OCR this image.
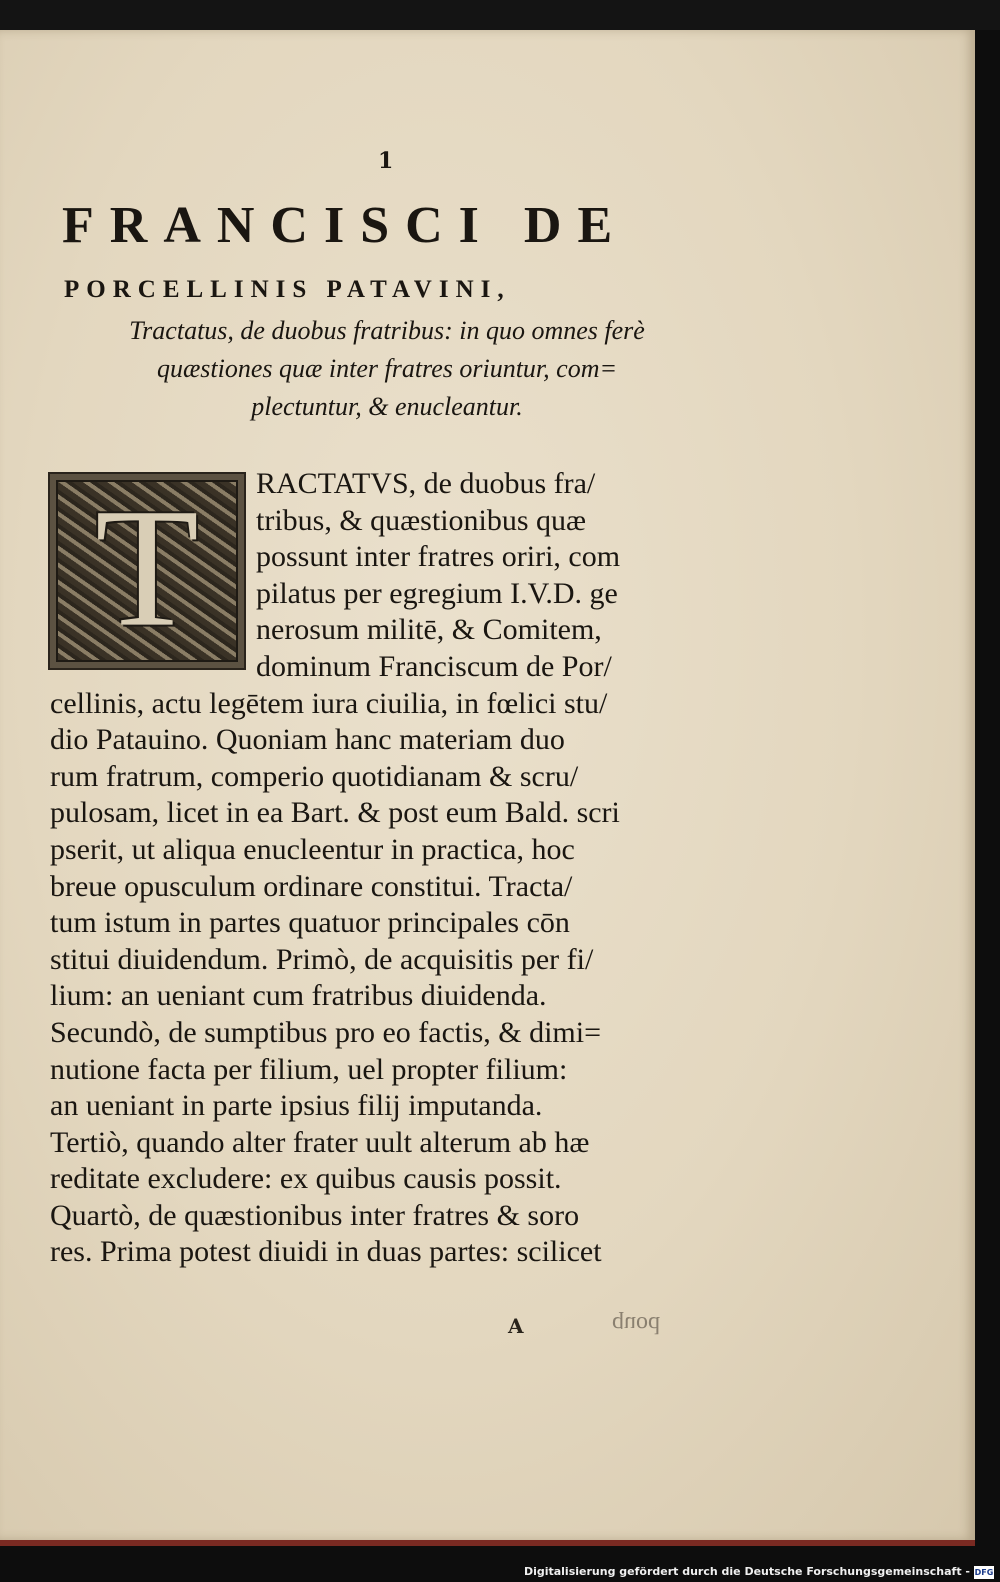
1
FRANCISCI DE
PORCELLINIS PATAVINI,
Tractatus, de duobus fratribus: in quo omnes ferè
quæstiones quæ inter fratres oriuntur, com=
plectuntur, & enucleantur.
T	RACTATVS, de duobus fra/
tribus, & quæstionibus quæ
possunt inter fratres oriri, com
pilatus per egregium I.V.D. ge
nerosum militē, & Comitem,
dominum Franciscum de Por/
cellinis, actu legētem iura ciuilia, in fœlici stu/
dio Patauino. Quoniam hanc materiam duo
rum fratrum, comperio quotidianam & scru/
pulosam, licet in ea Bart. & post eum Bald. scri
pserit, ut aliqua enucleentur in practica, hoc
breue opusculum ordinare constitui. Tracta/
tum istum in partes quatuor principales cōn
stitui diuidendum. Primò, de acquisitis per fi/
lium: an ueniant cum fratribus diuidenda.
Secundò, de sumptibus pro eo factis, & dimi=
nutione facta per filium, uel propter filium:
an ueniant in parte ipsius filij imputanda.
Tertiò, quando alter frater uult alterum ab hæ
reditate excludere: ex quibus causis possit.
Quartò, de quæstionibus inter fratres & soro
res. Prima potest diuidi in duas partes: scilicet
A	quod
Digitalisierung gefördert durch die Deutsche Forschungsgemeinschaft - DFG
